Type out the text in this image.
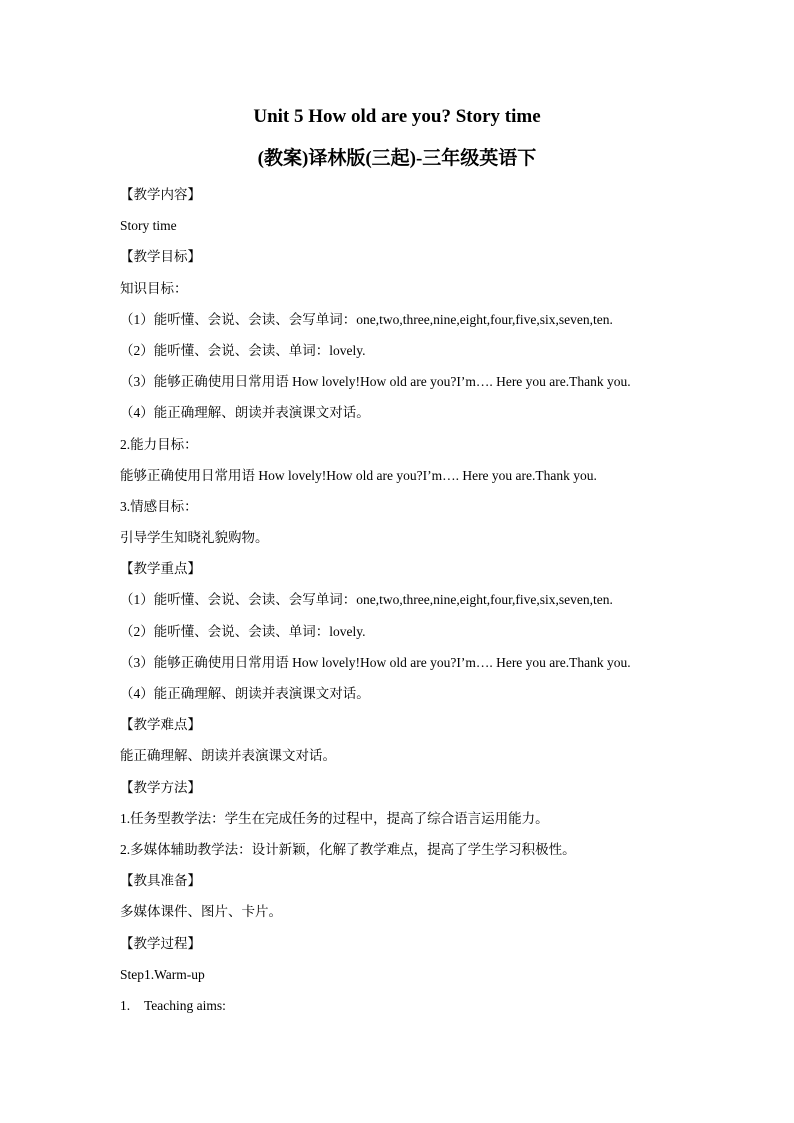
Unit 5 How old are you? Story time
(教案)译林版(三起)-三年级英语下
【教学内容】
Story time
【教学目标】
知识目标：
（1）能听懂、会说、会读、会写单词：one,two,three,nine,eight,four,five,six,seven,ten.
（2）能听懂、会说、会读、单词：lovely.
（3）能够正确使用日常用语 How lovely!How old are you?I’m…. Here you are.Thank you.
（4）能正确理解、朗读并表演课文对话。
2.能力目标：
能够正确使用日常用语 How lovely!How old are you?I’m…. Here you are.Thank you.
3.情感目标：
引导学生知晓礼貌购物。
【教学重点】
（1）能听懂、会说、会读、会写单词：one,two,three,nine,eight,four,five,six,seven,ten.
（2）能听懂、会说、会读、单词：lovely.
（3）能够正确使用日常用语 How lovely!How old are you?I’m…. Here you are.Thank you.
（4）能正确理解、朗读并表演课文对话。
【教学难点】
能正确理解、朗读并表演课文对话。
【教学方法】
1.任务型教学法：学生在完成任务的过程中，提高了综合语言运用能力。
2.多媒体辅助教学法：设计新颖，化解了教学难点，提高了学生学习积极性。
【教具准备】
多媒体课件、图片、卡片。
【教学过程】
Step1.Warm-up
1.	Teaching aims:
